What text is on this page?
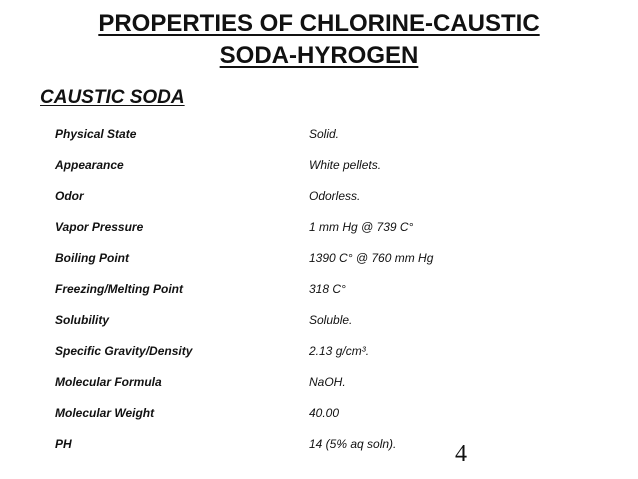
PROPERTIES OF CHLORINE-CAUSTIC
SODA-HYROGEN
CAUSTIC SODA
Physical State	Solid.
Appearance	White pellets.
Odor	Odorless.
Vapor Pressure	1 mm Hg @ 739 C°
Boiling Point	1390 C° @ 760 mm Hg
Freezing/Melting Point	318 C°
Solubility	Soluble.
Specific Gravity/Density	2.13 g/cm³.
Molecular Formula	NaOH.
Molecular Weight	40.00
PH	14 (5% aq soln). 4
